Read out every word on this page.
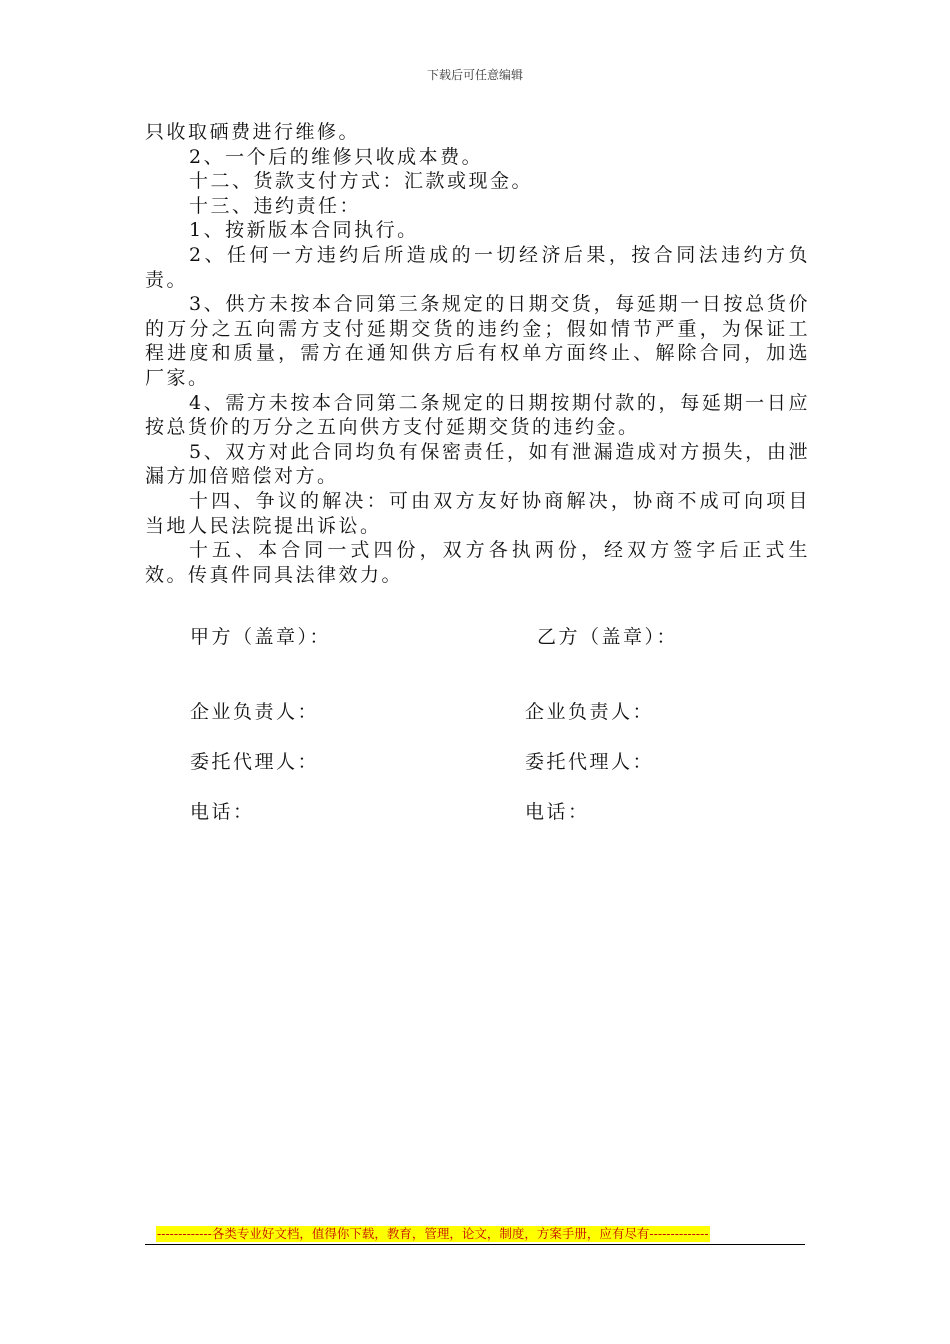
下载后可任意编辑

只收取硒费进行维修。

2、一个后的维修只收成本费。

十二、货款支付方式：汇款或现金。

十三、违约责任：

1、按新版本合同执行。

2、任何一方违约后所造成的一切经济后果，按合同法违约方负责。

3、供方未按本合同第三条规定的日期交货，每延期一日按总货价的万分之五向需方支付延期交货的违约金；假如情节严重，为保证工程进度和质量，需方在通知供方后有权单方面终止、解除合同，加选厂家。

4、需方未按本合同第二条规定的日期按期付款的，每延期一日应按总货价的万分之五向供方支付延期交货的违约金。

5、双方对此合同均负有保密责任，如有泄漏造成对方损失，由泄漏方加倍赔偿对方。

十四、争议的解决：可由双方友好协商解决，协商不成可向项目当地人民法院提出诉讼。

十五、本合同一式四份，双方各执两份，经双方签字后正式生效。传真件同具法律效力。

甲方（盖章）：	乙方（盖章）：
企业负责人：	企业负责人：
委托代理人：	委托代理人：
电话：	电话：
-------------各类专业好文档，值得你下载，教育，管理，论文，制度，方案手册，应有尽有--------------
